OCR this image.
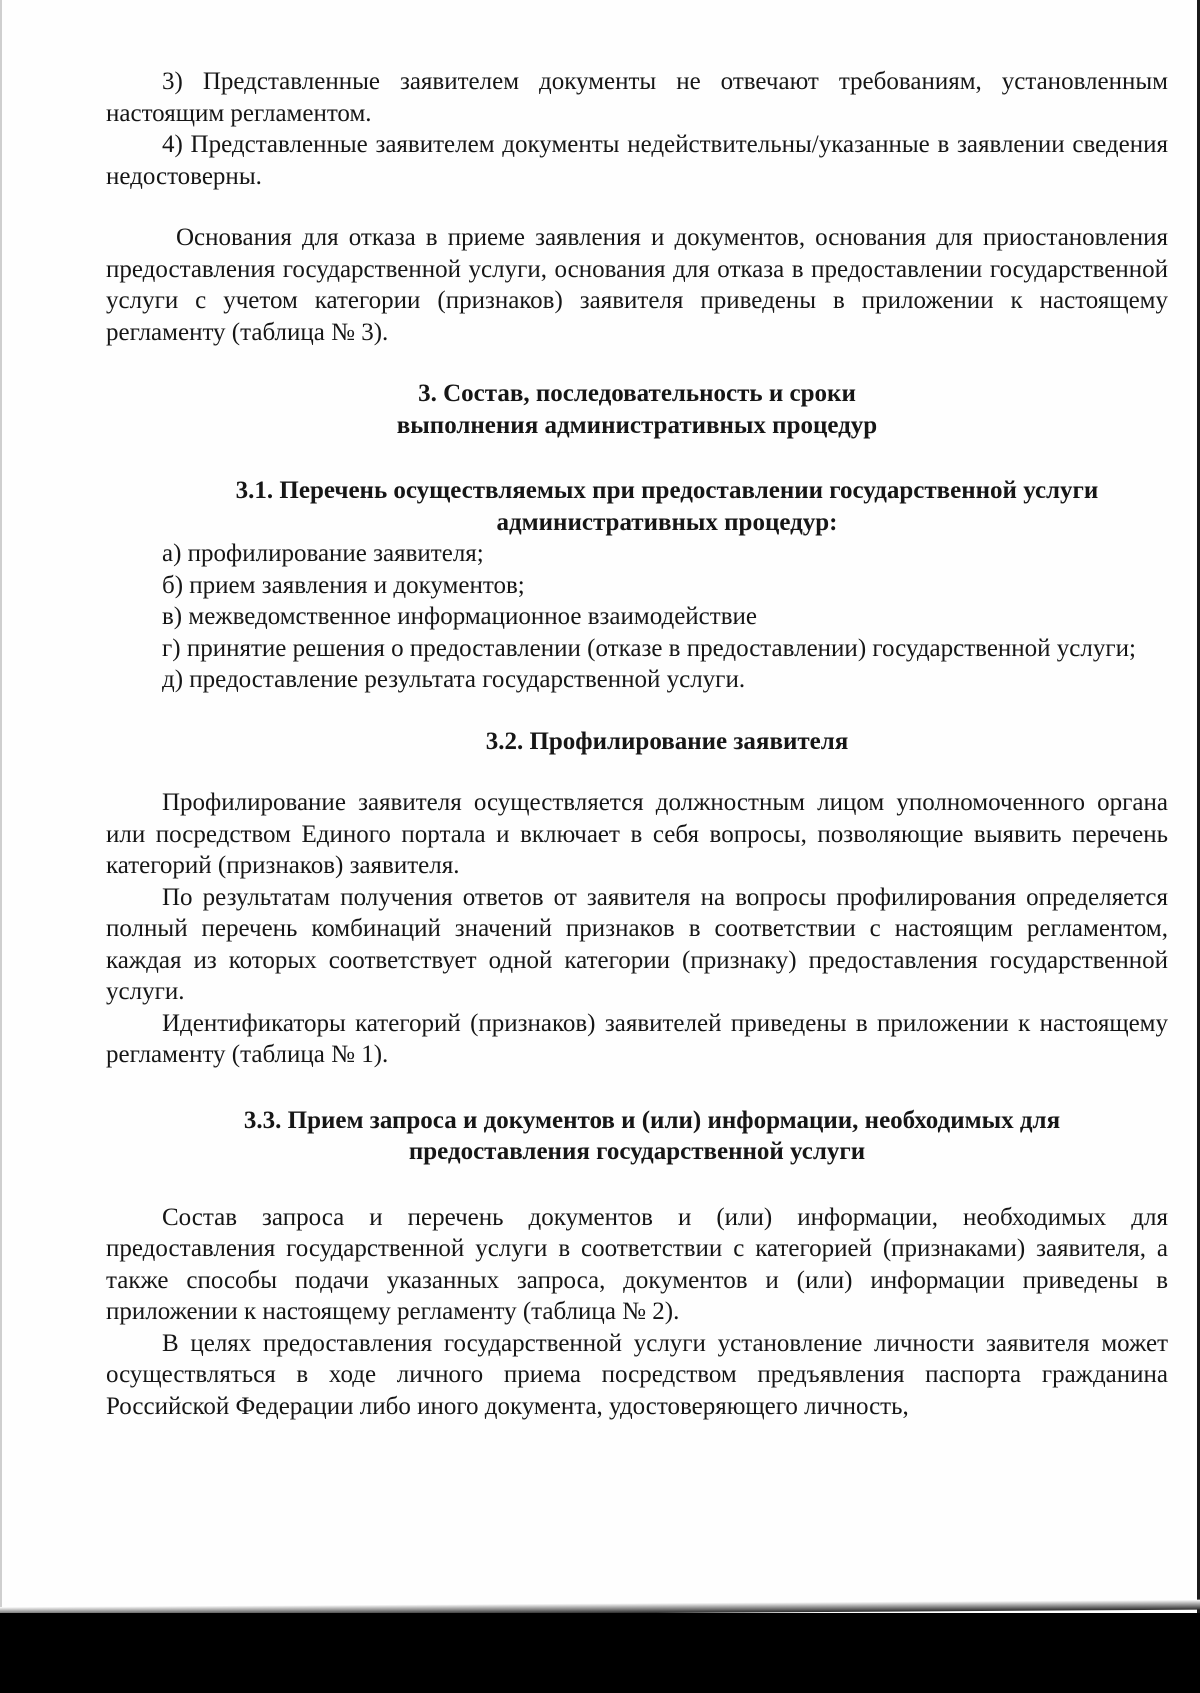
3) Представленные заявителем документы не отвечают требованиям, установленным настоящим регламентом.

4) Представленные заявителем документы недействительны/указанные в заявлении сведения недостоверны.

Основания для отказа в приеме заявления и документов, основания для приостановления предоставления государственной услуги, основания для отказа в предоставлении государственной услуги с учетом категории (признаков) заявителя приведены в приложении к настоящему регламенту (таблица № 3).

3. Состав, последовательность и сроки

выполнения административных процедур

3.1. Перечень осуществляемых при предоставлении государственной услуги

административных процедур:

а) профилирование заявителя;

б) прием заявления и документов;

в) межведомственное информационное взаимодействие

г) принятие решения о предоставлении (отказе в предоставлении) государственной услуги;

д) предоставление результата государственной услуги.

3.2. Профилирование заявителя

Профилирование заявителя осуществляется должностным лицом уполномоченного органа или посредством Единого портала и включает в себя вопросы, позволяющие выявить перечень категорий (признаков) заявителя.

По результатам получения ответов от заявителя на вопросы профилирования определяется полный перечень комбинаций значений признаков в соответствии с настоящим регламентом, каждая из которых соответствует одной категории (признаку) предоставления государственной услуги.

Идентификаторы категорий (признаков) заявителей приведены в приложении к настоящему регламенту (таблица № 1).

3.3. Прием запроса и документов и (или) информации, необходимых для

предоставления государственной услуги

Состав запроса и перечень документов и (или) информации, необходимых для предоставления государственной услуги в соответствии с категорией (признаками) заявителя, а также способы подачи указанных запроса, документов и (или) информации приведены в приложении к настоящему регламенту (таблица № 2).

В целях предоставления государственной услуги установление личности заявителя может осуществляться в ходе личного приема посредством предъявления паспорта гражданина Российской Федерации либо иного документа, удостоверяющего личность,
